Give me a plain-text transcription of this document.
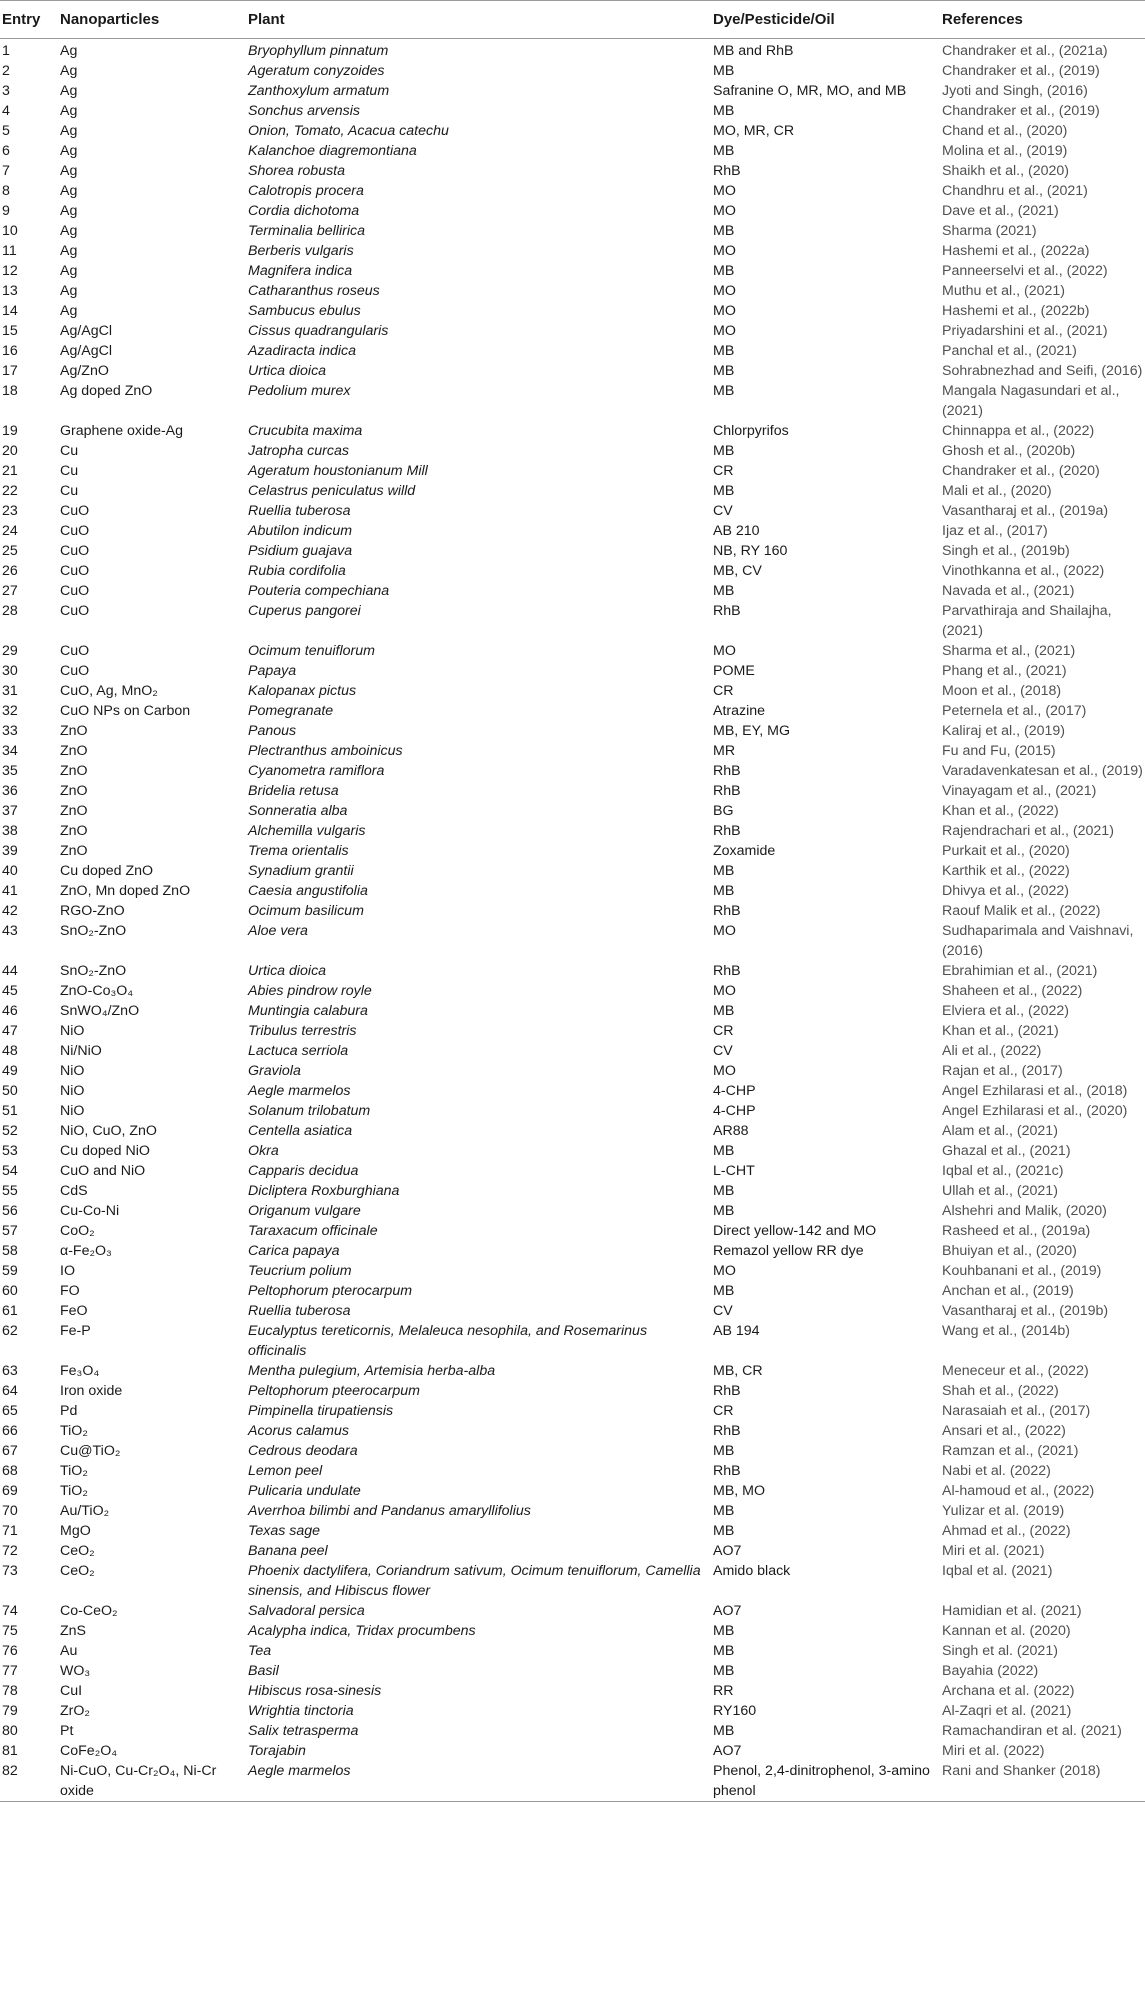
Entry	Nanoparticles	Plant	Dye/Pesticide/Oil	References
1	Ag	Bryophyllum pinnatum	MB and RhB	Chandraker et al., (2021a)
2	Ag	Ageratum conyzoides	MB	Chandraker et al., (2019)
3	Ag	Zanthoxylum armatum	Safranine O, MR, MO, and MB	Jyoti and Singh, (2016)
4	Ag	Sonchus arvensis	MB	Chandraker et al., (2019)
5	Ag	Onion, Tomato, Acacua catechu	MO, MR, CR	Chand et al., (2020)
6	Ag	Kalanchoe diagremontiana	MB	Molina et al., (2019)
7	Ag	Shorea robusta	RhB	Shaikh et al., (2020)
8	Ag	Calotropis procera	MO	Chandhru et al., (2021)
9	Ag	Cordia dichotoma	MO	Dave et al., (2021)
10	Ag	Terminalia bellirica	MB	Sharma (2021)
11	Ag	Berberis vulgaris	MO	Hashemi et al., (2022a)
12	Ag	Magnifera indica	MB	Panneerselvi et al., (2022)
13	Ag	Catharanthus roseus	MO	Muthu et al., (2021)
14	Ag	Sambucus ebulus	MO	Hashemi et al., (2022b)
15	Ag/AgCl	Cissus quadrangularis	MO	Priyadarshini et al., (2021)
16	Ag/AgCl	Azadiracta indica	MB	Panchal et al., (2021)
17	Ag/ZnO	Urtica dioica	MB	Sohrabnezhad and Seifi, (2016)
18	Ag doped ZnO	Pedolium murex	MB	Mangala Nagasundari et al., (2021)
19	Graphene oxide-Ag	Crucubita maxima	Chlorpyrifos	Chinnappa et al., (2022)
20	Cu	Jatropha curcas	MB	Ghosh et al., (2020b)
21	Cu	Ageratum houstonianum Mill	CR	Chandraker et al., (2020)
22	Cu	Celastrus peniculatus willd	MB	Mali et al., (2020)
23	CuO	Ruellia tuberosa	CV	Vasantharaj et al., (2019a)
24	CuO	Abutilon indicum	AB 210	Ijaz et al., (2017)
25	CuO	Psidium guajava	NB, RY 160	Singh et al., (2019b)
26	CuO	Rubia cordifolia	MB, CV	Vinothkanna et al., (2022)
27	CuO	Pouteria compechiana	MB	Navada et al., (2021)
28	CuO	Cuperus pangorei	RhB	Parvathiraja and Shailajha, (2021)
29	CuO	Ocimum tenuiflorum	MO	Sharma et al., (2021)
30	CuO	Papaya	POME	Phang et al., (2021)
31	CuO, Ag, MnO₂	Kalopanax pictus	CR	Moon et al., (2018)
32	CuO NPs on Carbon	Pomegranate	Atrazine	Peternela et al., (2017)
33	ZnO	Panous	MB, EY, MG	Kaliraj et al., (2019)
34	ZnO	Plectranthus amboinicus	MR	Fu and Fu, (2015)
35	ZnO	Cyanometra ramiflora	RhB	Varadavenkatesan et al., (2019)
36	ZnO	Bridelia retusa	RhB	Vinayagam et al., (2021)
37	ZnO	Sonneratia alba	BG	Khan et al., (2022)
38	ZnO	Alchemilla vulgaris	RhB	Rajendrachari et al., (2021)
39	ZnO	Trema orientalis	Zoxamide	Purkait et al., (2020)
40	Cu doped ZnO	Synadium grantii	MB	Karthik et al., (2022)
41	ZnO, Mn doped ZnO	Caesia angustifolia	MB	Dhivya et al., (2022)
42	RGO-ZnO	Ocimum basilicum	RhB	Raouf Malik et al., (2022)
43	SnO₂-ZnO	Aloe vera	MO	Sudhaparimala and Vaishnavi, (2016)
44	SnO₂-ZnO	Urtica dioica	RhB	Ebrahimian et al., (2021)
45	ZnO-Co₃O₄	Abies pindrow royle	MO	Shaheen et al., (2022)
46	SnWO₄/ZnO	Muntingia calabura	MB	Elviera et al., (2022)
47	NiO	Tribulus terrestris	CR	Khan et al., (2021)
48	Ni/NiO	Lactuca serriola	CV	Ali et al., (2022)
49	NiO	Graviola	MO	Rajan et al., (2017)
50	NiO	Aegle marmelos	4-CHP	Angel Ezhilarasi et al., (2018)
51	NiO	Solanum trilobatum	4-CHP	Angel Ezhilarasi et al., (2020)
52	NiO, CuO, ZnO	Centella asiatica	AR88	Alam et al., (2021)
53	Cu doped NiO	Okra	MB	Ghazal et al., (2021)
54	CuO and NiO	Capparis decidua	L-CHT	Iqbal et al., (2021c)
55	CdS	Dicliptera Roxburghiana	MB	Ullah et al., (2021)
56	Cu-Co-Ni	Origanum vulgare	MB	Alshehri and Malik, (2020)
57	CoO₂	Taraxacum officinale	Direct yellow-142 and MO	Rasheed et al., (2019a)
58	α-Fe₂O₃	Carica papaya	Remazol yellow RR dye	Bhuiyan et al., (2020)
59	IO	Teucrium polium	MO	Kouhbanani et al., (2019)
60	FO	Peltophorum pterocarpum	MB	Anchan et al., (2019)
61	FeO	Ruellia tuberosa	CV	Vasantharaj et al., (2019b)
62	Fe-P	Eucalyptus tereticornis, Melaleuca nesophila, and Rosemarinus officinalis	AB 194	Wang et al., (2014b)
63	Fe₃O₄	Mentha pulegium, Artemisia herba-alba	MB, CR	Meneceur et al., (2022)
64	Iron oxide	Peltophorum pteerocarpum	RhB	Shah et al., (2022)
65	Pd	Pimpinella tirupatiensis	CR	Narasaiah et al., (2017)
66	TiO₂	Acorus calamus	RhB	Ansari et al., (2022)
67	Cu@TiO₂	Cedrous deodara	MB	Ramzan et al., (2021)
68	TiO₂	Lemon peel	RhB	Nabi et al. (2022)
69	TiO₂	Pulicaria undulate	MB, MO	Al-hamoud et al., (2022)
70	Au/TiO₂	Averrhoa bilimbi and Pandanus amaryllifolius	MB	Yulizar et al. (2019)
71	MgO	Texas sage	MB	Ahmad et al., (2022)
72	CeO₂	Banana peel	AO7	Miri et al. (2021)
73	CeO₂	Phoenix dactylifera, Coriandrum sativum, Ocimum tenuiflorum, Camellia sinensis, and Hibiscus flower	Amido black	Iqbal et al. (2021)
74	Co-CeO₂	Salvadoral persica	AO7	Hamidian et al. (2021)
75	ZnS	Acalypha indica, Tridax procumbens	MB	Kannan et al. (2020)
76	Au	Tea	MB	Singh et al. (2021)
77	WO₃	Basil	MB	Bayahia (2022)
78	CuI	Hibiscus rosa-sinesis	RR	Archana et al. (2022)
79	ZrO₂	Wrightia tinctoria	RY160	Al-Zaqri et al. (2021)
80	Pt	Salix tetrasperma	MB	Ramachandiran et al. (2021)
81	CoFe₂O₄	Torajabin	AO7	Miri et al. (2022)
82	Ni-CuO, Cu-Cr₂O₄, Ni-Cr oxide	Aegle marmelos	Phenol, 2,4-dinitrophenol, 3-amino phenol	Rani and Shanker (2018)
